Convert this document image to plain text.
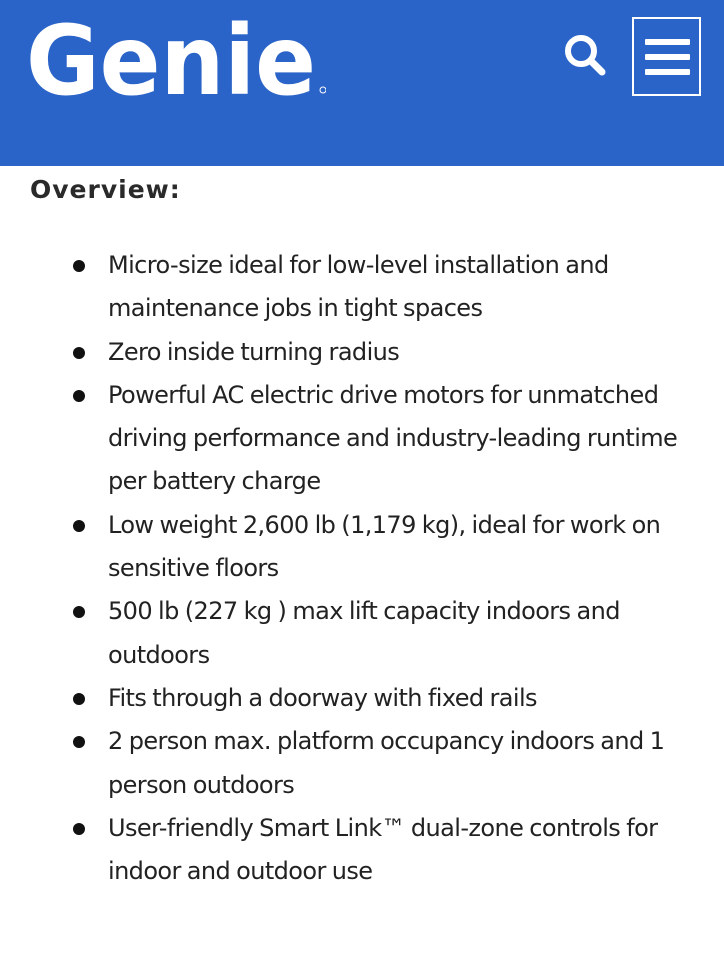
Genie
Overview:
Micro-size ideal for low-level installation and maintenance jobs in tight spaces
Zero inside turning radius
Powerful AC electric drive motors for unmatched driving performance and industry-leading runtime per battery charge
Low weight 2,600 lb (1,179 kg), ideal for work on sensitive floors
500 lb (227 kg ) max lift capacity indoors and outdoors
Fits through a doorway with fixed rails
2 person max. platform occupancy indoors and 1 person outdoors
User-friendly Smart Link™ dual-zone controls for indoor and outdoor use
